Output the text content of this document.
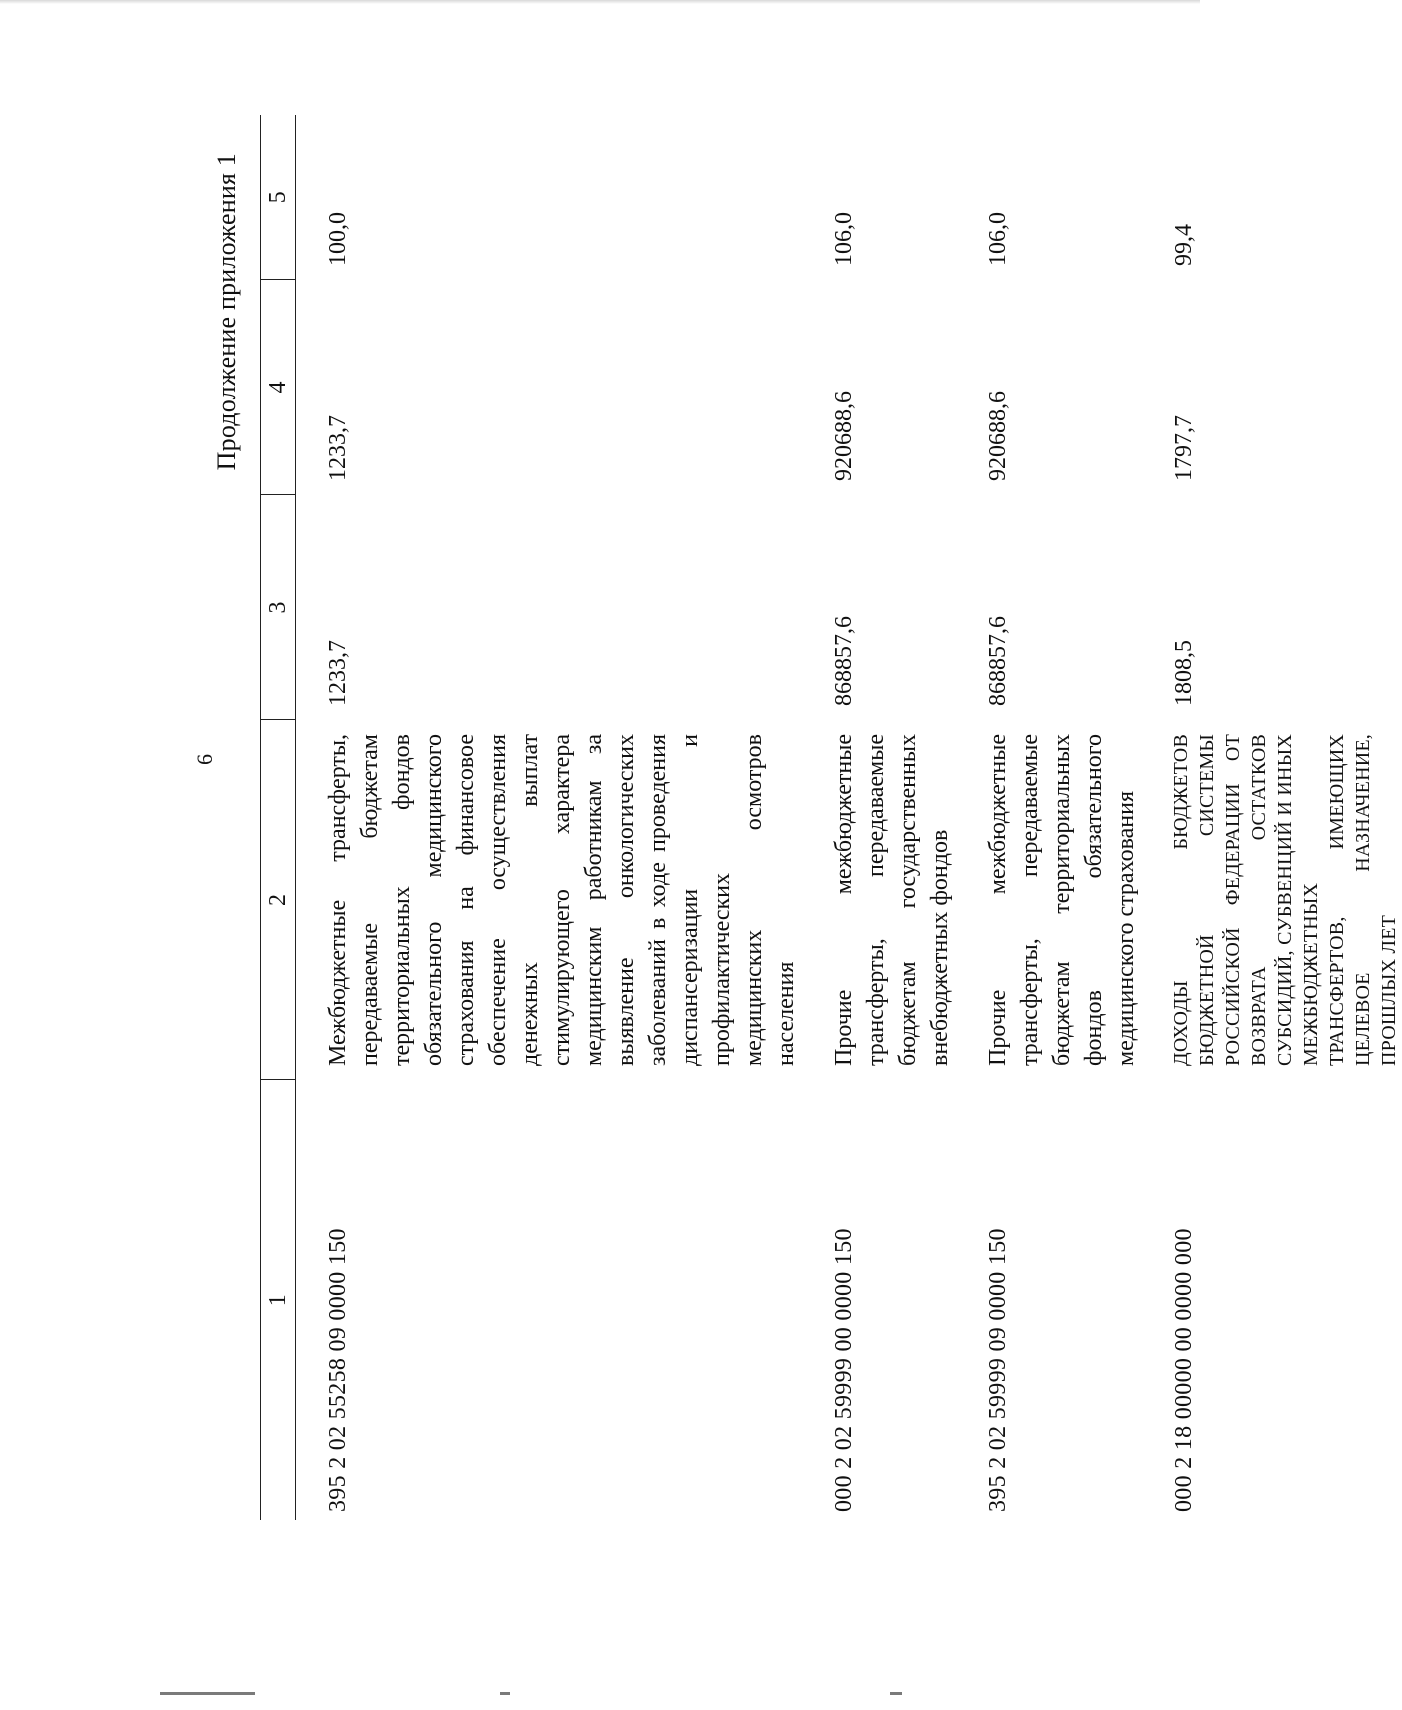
6
Продолжение приложения 1
1	2	3	4	5
395 2 02 55258 09 0000 150	Межбюджетные трансферты, передаваемые бюджетам территориальных фондов обязательного медицинского страхования на финансовое обеспечение осуществления денежных выплат стимулирующего характера медицинским работникам за выявление онкологических заболеваний в ходе проведения диспансеризации и профилактических медицинских осмотров населения	1233,7	1233,7	100,0
000 2 02 59999 00 0000 150	Прочие межбюджетные трансферты, передаваемые бюджетам государственных внебюджетных фондов	868857,6	920688,6	106,0
395 2 02 59999 09 0000 150	Прочие межбюджетные трансферты, передаваемые бюджетам территориальных фондов обязательного медицинского страхования	868857,6	920688,6	106,0
000 2 18 00000 00 0000 000	ДОХОДЫ БЮДЖЕТОВ БЮДЖЕТНОЙ СИСТЕМЫ РОССИЙСКОЙ ФЕДЕРАЦИИ ОТ ВОЗВРАТА ОСТАТКОВ СУБСИДИЙ, СУБВЕНЦИЙ И ИНЫХ МЕЖБЮДЖЕТНЫХ ТРАНСФЕРТОВ, ИМЕЮЩИХ ЦЕЛЕВОЕ НАЗНАЧЕНИЕ, ПРОШЛЫХ ЛЕТ	1808,5	1797,7	99,4
